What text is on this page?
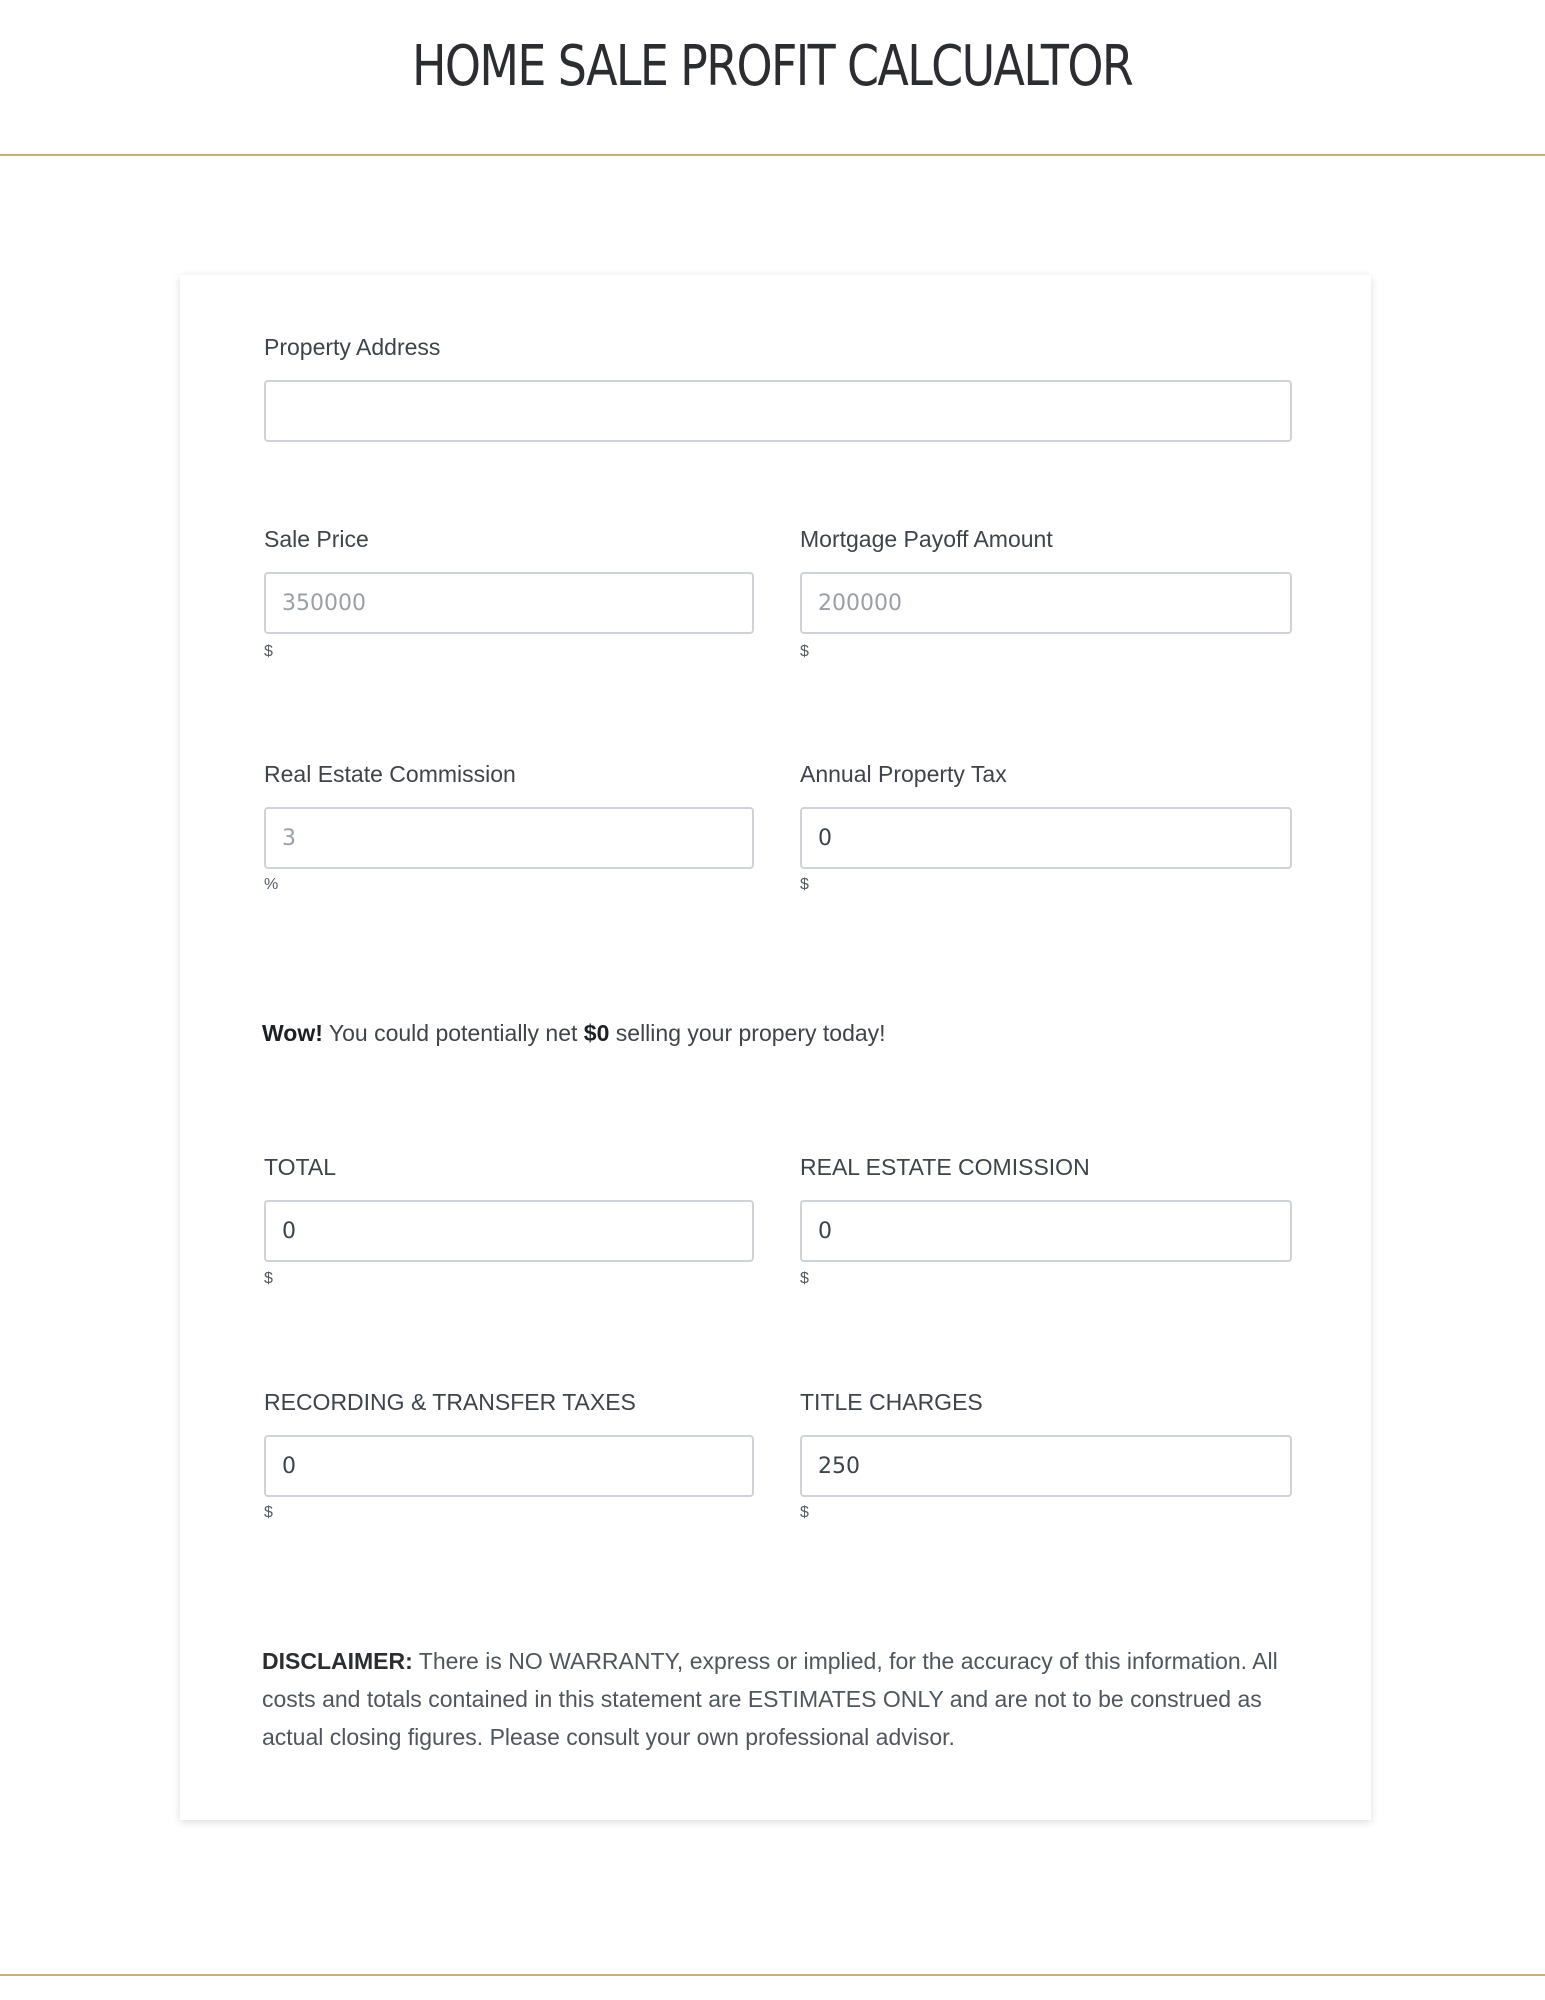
HOME SALE PROFIT CALCUALTOR
Property Address
Sale Price
350000
$
Mortgage Payoff Amount
200000
$
Real Estate Commission
3
%
Annual Property Tax
0
$
Wow! You could potentially net $0 selling your propery today!
TOTAL
0
$
REAL ESTATE COMISSION
0
$
RECORDING & TRANSFER TAXES
0
$
TITLE CHARGES
250
$
DISCLAIMER: There is NO WARRANTY, express or implied, for the accuracy of this information. All costs and totals contained in this statement are ESTIMATES ONLY and are not to be construed as actual closing figures. Please consult your own professional advisor.
